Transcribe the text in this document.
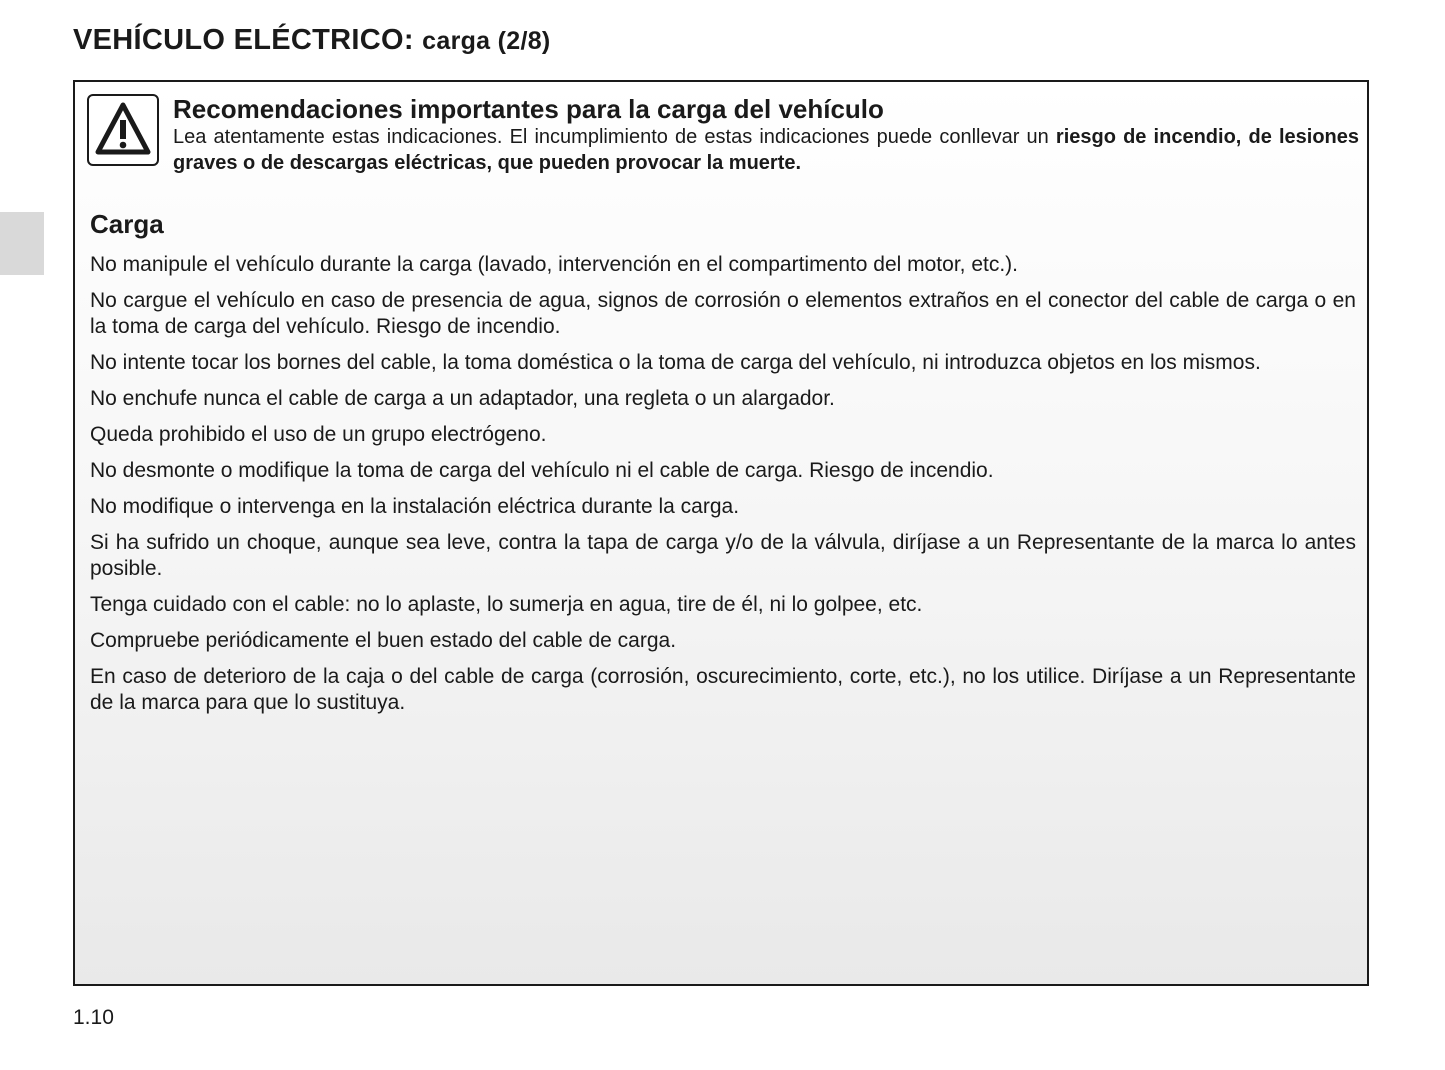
VEHÍCULO ELÉCTRICO: carga (2/8)
Recomendaciones importantes para la carga del vehículo

Lea atentamente estas indicaciones. El incumplimiento de estas indicaciones puede conllevar un riesgo de incendio, de lesiones graves o de descargas eléctricas, que pueden provocar la muerte.

Carga
No manipule el vehículo durante la carga (lavado, intervención en el compartimento del motor, etc.).
No cargue el vehículo en caso de presencia de agua, signos de corrosión o elementos extraños en el conector del cable de carga o en la toma de carga del vehículo. Riesgo de incendio.
No intente tocar los bornes del cable, la toma doméstica o la toma de carga del vehículo, ni introduzca objetos en los mismos.
No enchufe nunca el cable de carga a un adaptador, una regleta o un alargador.
Queda prohibido el uso de un grupo electrógeno.
No desmonte o modifique la toma de carga del vehículo ni el cable de carga. Riesgo de incendio.
No modifique o intervenga en la instalación eléctrica durante la carga.
Si ha sufrido un choque, aunque sea leve, contra la tapa de carga y/o de la válvula, diríjase a un Representante de la marca lo antes posible.
Tenga cuidado con el cable: no lo aplaste, lo sumerja en agua, tire de él, ni lo golpee, etc.
Compruebe periódicamente el buen estado del cable de carga.
En caso de deterioro de la caja o del cable de carga (corrosión, oscurecimiento, corte, etc.), no los utilice. Diríjase a un Representante de la marca para que lo sustituya.
1.10
